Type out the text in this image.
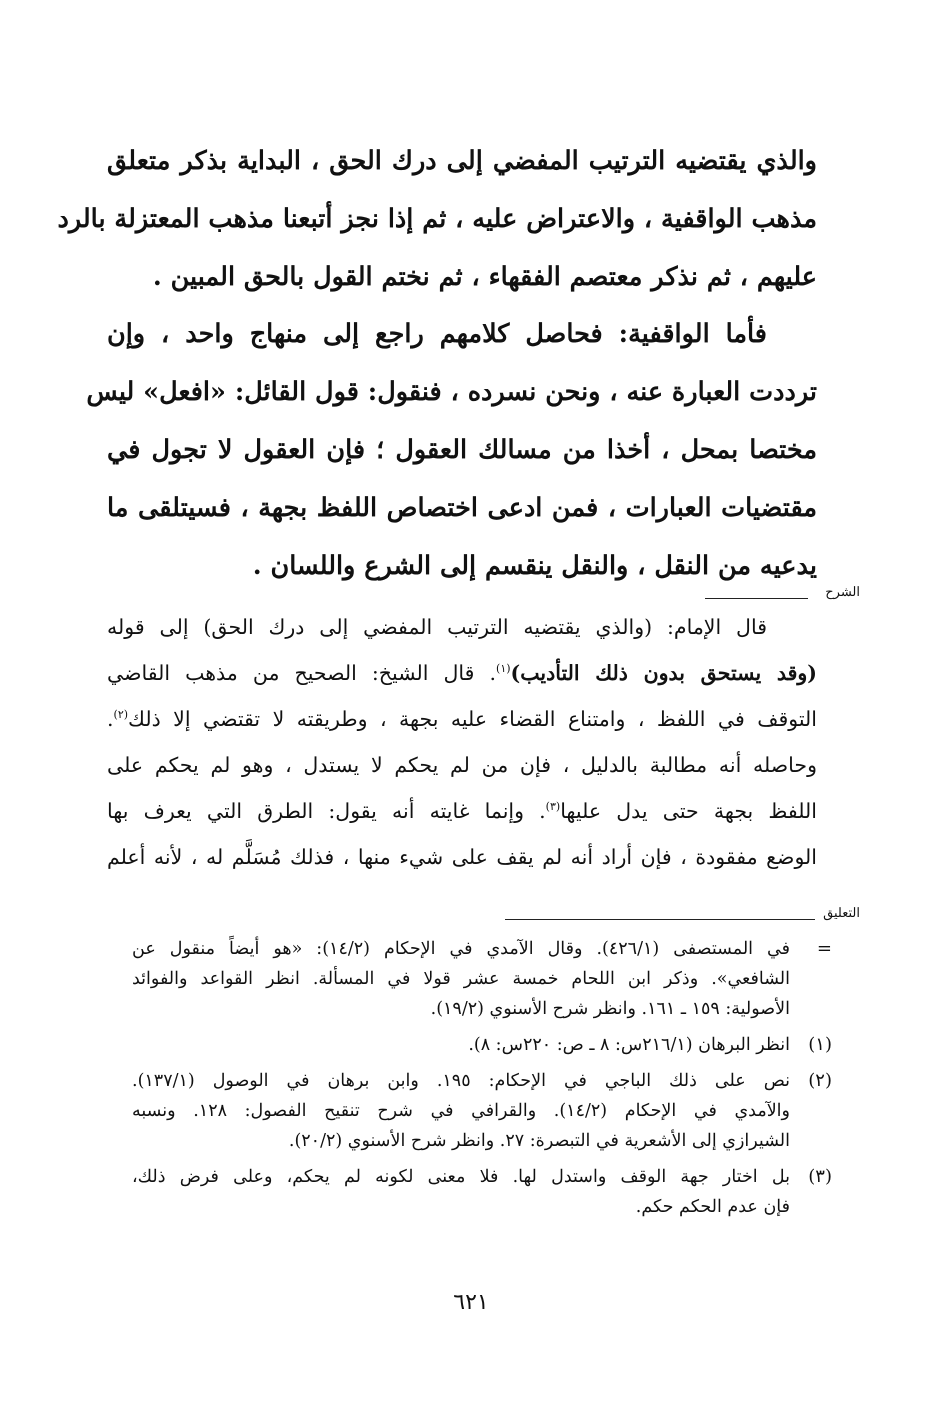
والذي يقتضيه الترتيب المفضي إلى درك الحق ، البداية بذكر متعلق
مذهب الواقفية ، والاعتراض عليه ، ثم إذا نجز أتبعنا مذهب المعتزلة بالرد
عليهم ، ثم نذكر معتصم الفقهاء ، ثم نختم القول بالحق المبين .
فأما الواقفية: فحاصل كلامهم راجع إلى منهاج واحد ، وإن
ترددت العبارة عنه ، ونحن نسرده ، فنقول: قول القائل: «افعل» ليس
مختصا بمحل ، أخذا من مسالك العقول ؛ فإن العقول لا تجول في
مقتضيات العبارات ، فمن ادعى اختصاص اللفظ بجهة ، فسيتلقى ما
يدعيه من النقل ، والنقل ينقسم إلى الشرع واللسان .
الشرح
قال الإمام: (والذي يقتضيه الترتيب المفضي إلى درك الحق) إلى قوله
(وقد يستحق بدون ذلك التأديب)$^{(١)}$. قال الشيخ: الصحيح من مذهب القاضي
التوقف في اللفظ ، وامتناع القضاء عليه بجهة ، وطريقته لا تقتضي إلا ذلك$^{(٢)}$.
وحاصله أنه مطالبة بالدليل ، فإن من لم يحكم لا يستدل ، وهو لم يحكم على
اللفظ بجهة حتى يدل عليها$^{(٣)}$. وإنما غايته أنه يقول: الطرق التي يعرف بها
الوضع مفقودة ، فإن أراد أنه لم يقف على شيء منها ، فذلك مُسَلَّم له ، لأنه أعلم
التعليق
=
في المستصفى (٤٢٦/١). وقال الآمدي في الإحكام (١٤/٢): «هو أيضاً منقول عن
الشافعي». وذكر ابن اللحام خمسة عشر قولا في المسألة. انظر القواعد والفوائد
الأصولية: ١٥٩ ـ ١٦١. وانظر شرح الأسنوي (١٩/٢).
(١)
انظر البرهان (٢١٦/١س: ٨ ـ ص: ٢٢٠س: ٨).
(٢)
نص على ذلك الباجي في الإحكام: ١٩٥. وابن برهان في الوصول (١٣٧/١).
والآمدي في الإحكام (١٤/٢). والقرافي في شرح تنقيح الفصول: ١٢٨. ونسبه
الشيرازي إلى الأشعرية في التبصرة: ٢٧. وانظر شرح الأسنوي (٢٠/٢).
(٣)
بل اختار جهة الوقف واستدل لها. فلا معنى لكونه لم يحكم، وعلى فرض ذلك،
فإن عدم الحكم حكم.
٦٢١
